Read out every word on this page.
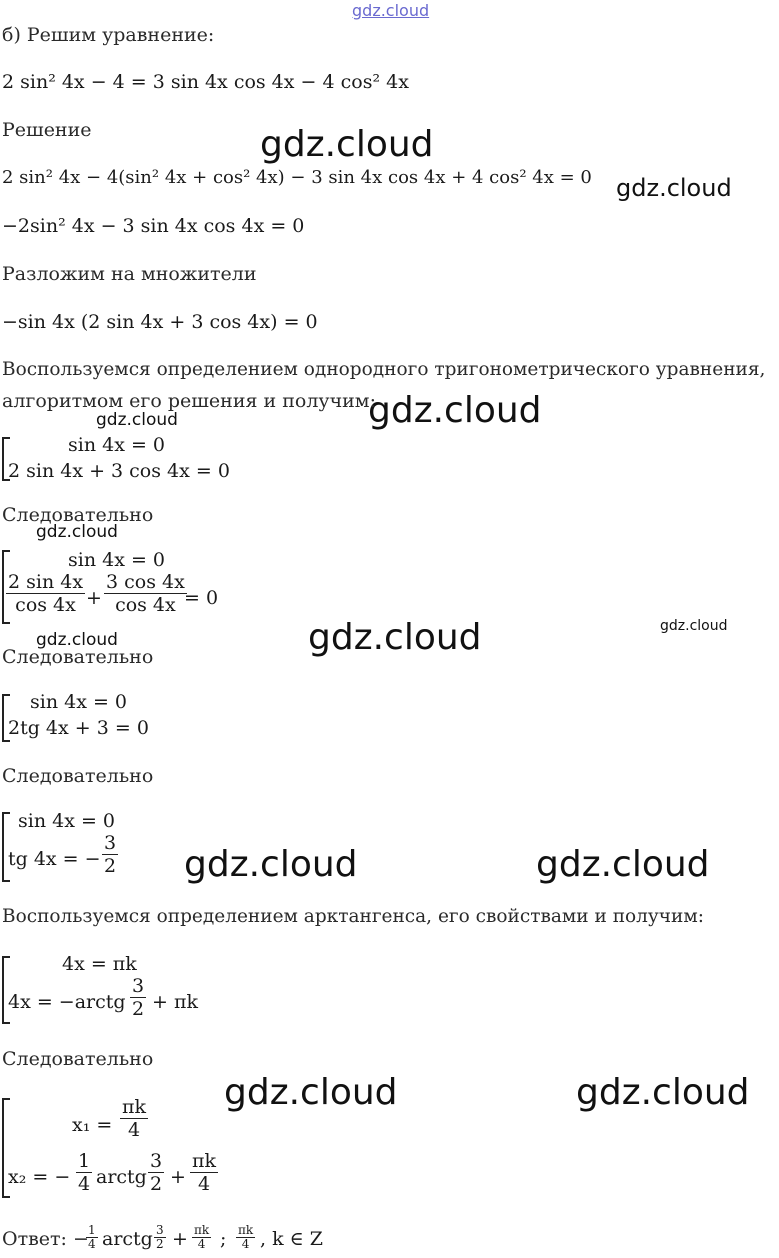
gdz.cloud
gdz.cloud
gdz.cloud
gdz.cloud
gdz.cloud
gdz.cloud
gdz.cloud	gdz.cloud
gdz.cloud
gdz.cloud	gdz.cloud
gdz.cloud	gdz.cloud
б) Решим уравнение:
2 sin² 4x − 4 = 3 sin 4x cos 4x − 4 cos² 4x
Решение
2 sin² 4x − 4(sin² 4x + cos² 4x) − 3 sin 4x cos 4x + 4 cos² 4x = 0
−2sin² 4x − 3 sin 4x cos 4x = 0
Разложим на множители
−sin 4x (2 sin 4x + 3 cos 4x) = 0
Воспользуемся определением однородного тригонометрического уравнения,
алгоритмом его решения и получим:
sin 4x = 0
2 sin 4x + 3 cos 4x = 0
Следовательно
sin 4x = 0
$\frac{2 \sin 4x}{\cos 4x} + \frac{3 \cos 4x}{\cos 4x}$
= 0
Следовательно
sin 4x = 0
2tg 4x + 3 = 0
Следовательно
sin 4x = 0
tg 4x = − $\frac{3}{2}$
Воспользуемся определением арктангенса, его свойствами и получим:
4x = πk
4x = −arctg $\frac{3}{2} + \pi k$
Следовательно
$x_1 = \frac{\pi k}{4}$
x₂ = − $\frac{1}{4}$ arctg $\frac{3}{2} + \frac{\pi k}{4}$
Ответ: −
$\frac{1}{4}$ arctg $\frac{3}{2} + \frac{\pi k}{4}$ ; $\frac{\pi k}{4}$ , k ∈ Z
